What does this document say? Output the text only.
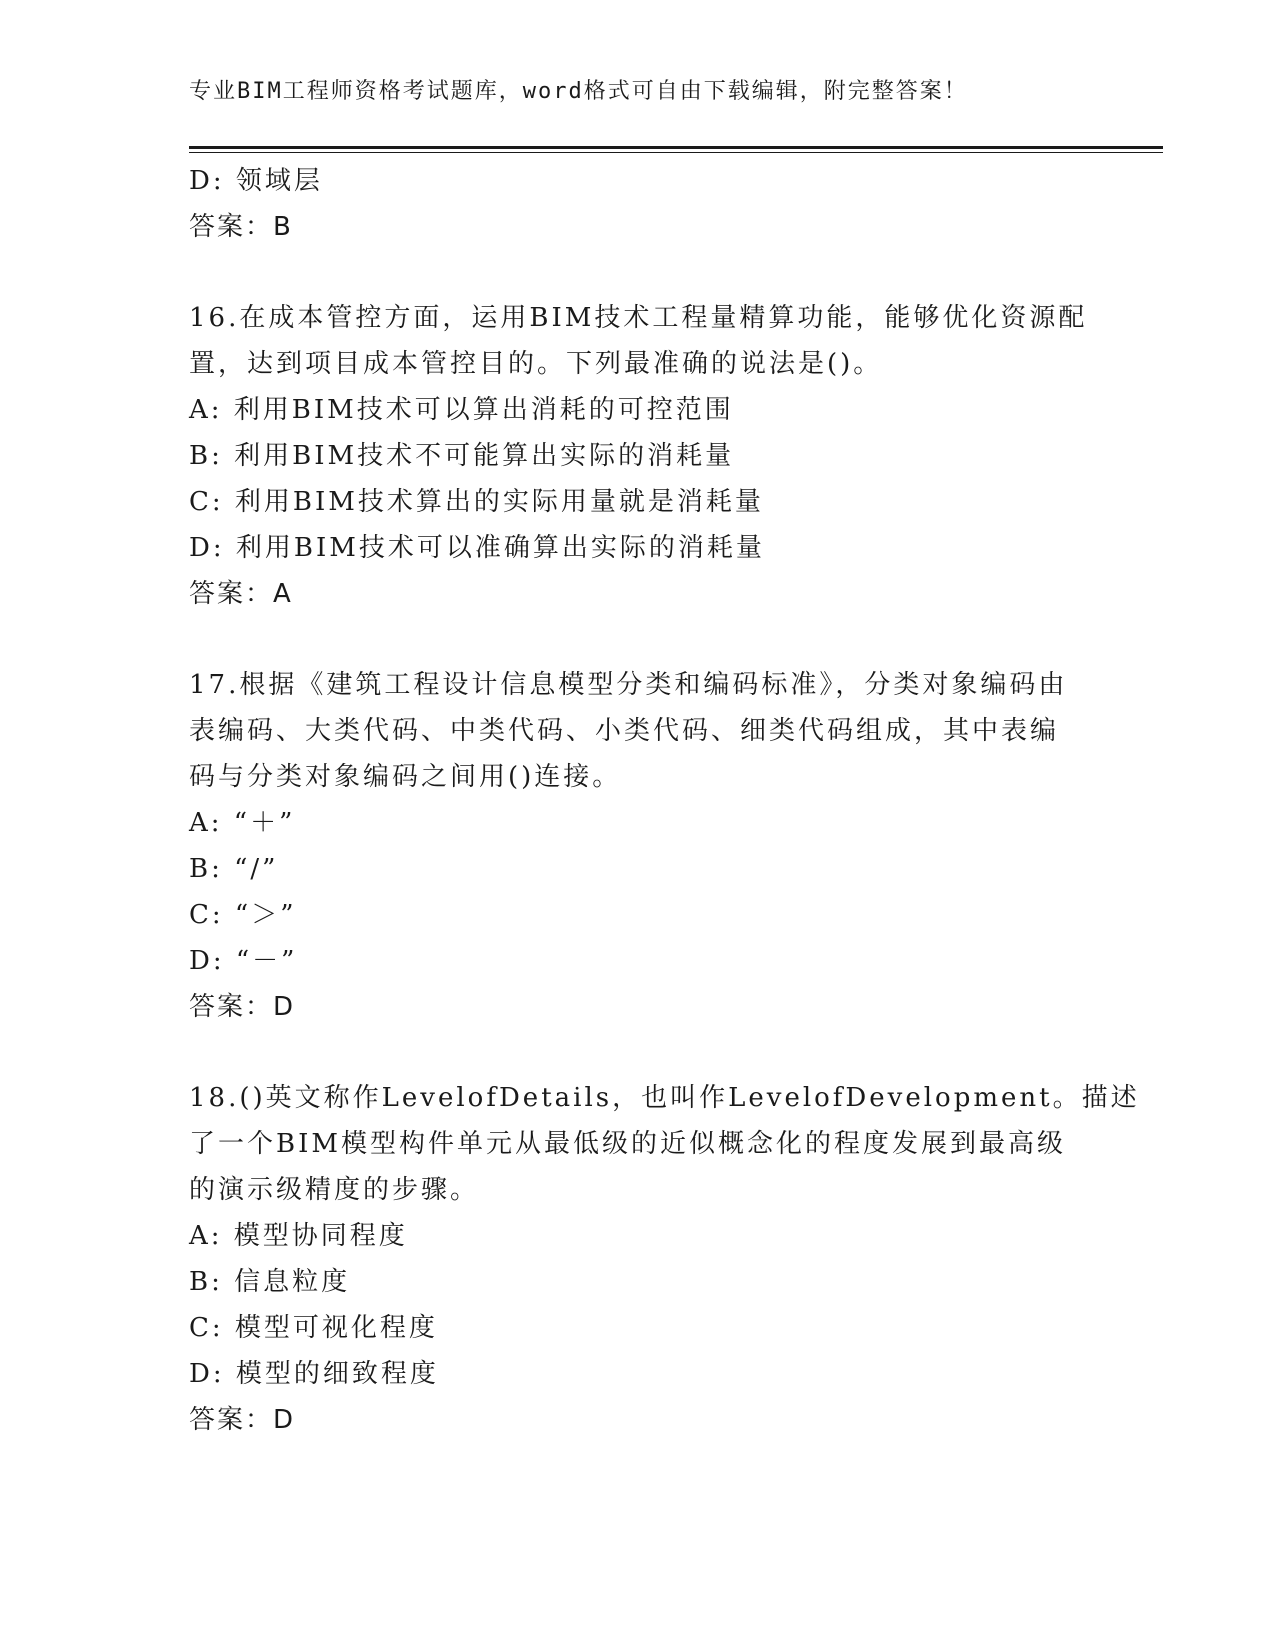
专业BIM工程师资格考试题库，word格式可自由下载编辑，附完整答案！
D: 领域层
答案：B
16.在成本管控方面，运用BIM技术工程量精算功能，能够优化资源配
置，达到项目成本管控目的。下列最准确的说法是()。
A: 利用BIM技术可以算出消耗的可控范围
B: 利用BIM技术不可能算出实际的消耗量
C: 利用BIM技术算出的实际用量就是消耗量
D: 利用BIM技术可以准确算出实际的消耗量
答案：A
17.根据《建筑工程设计信息模型分类和编码标准》，分类对象编码由
表编码、大类代码、中类代码、小类代码、细类代码组成，其中表编
码与分类对象编码之间用()连接。
A: “＋”
B: “/”
C: “＞”
D: “－”
答案：D
18.()英文称作LevelofDetails，也叫作LevelofDevelopment。描述
了一个BIM模型构件单元从最低级的近似概念化的程度发展到最高级
的演示级精度的步骤。
A: 模型协同程度
B: 信息粒度
C: 模型可视化程度
D: 模型的细致程度
答案：D
